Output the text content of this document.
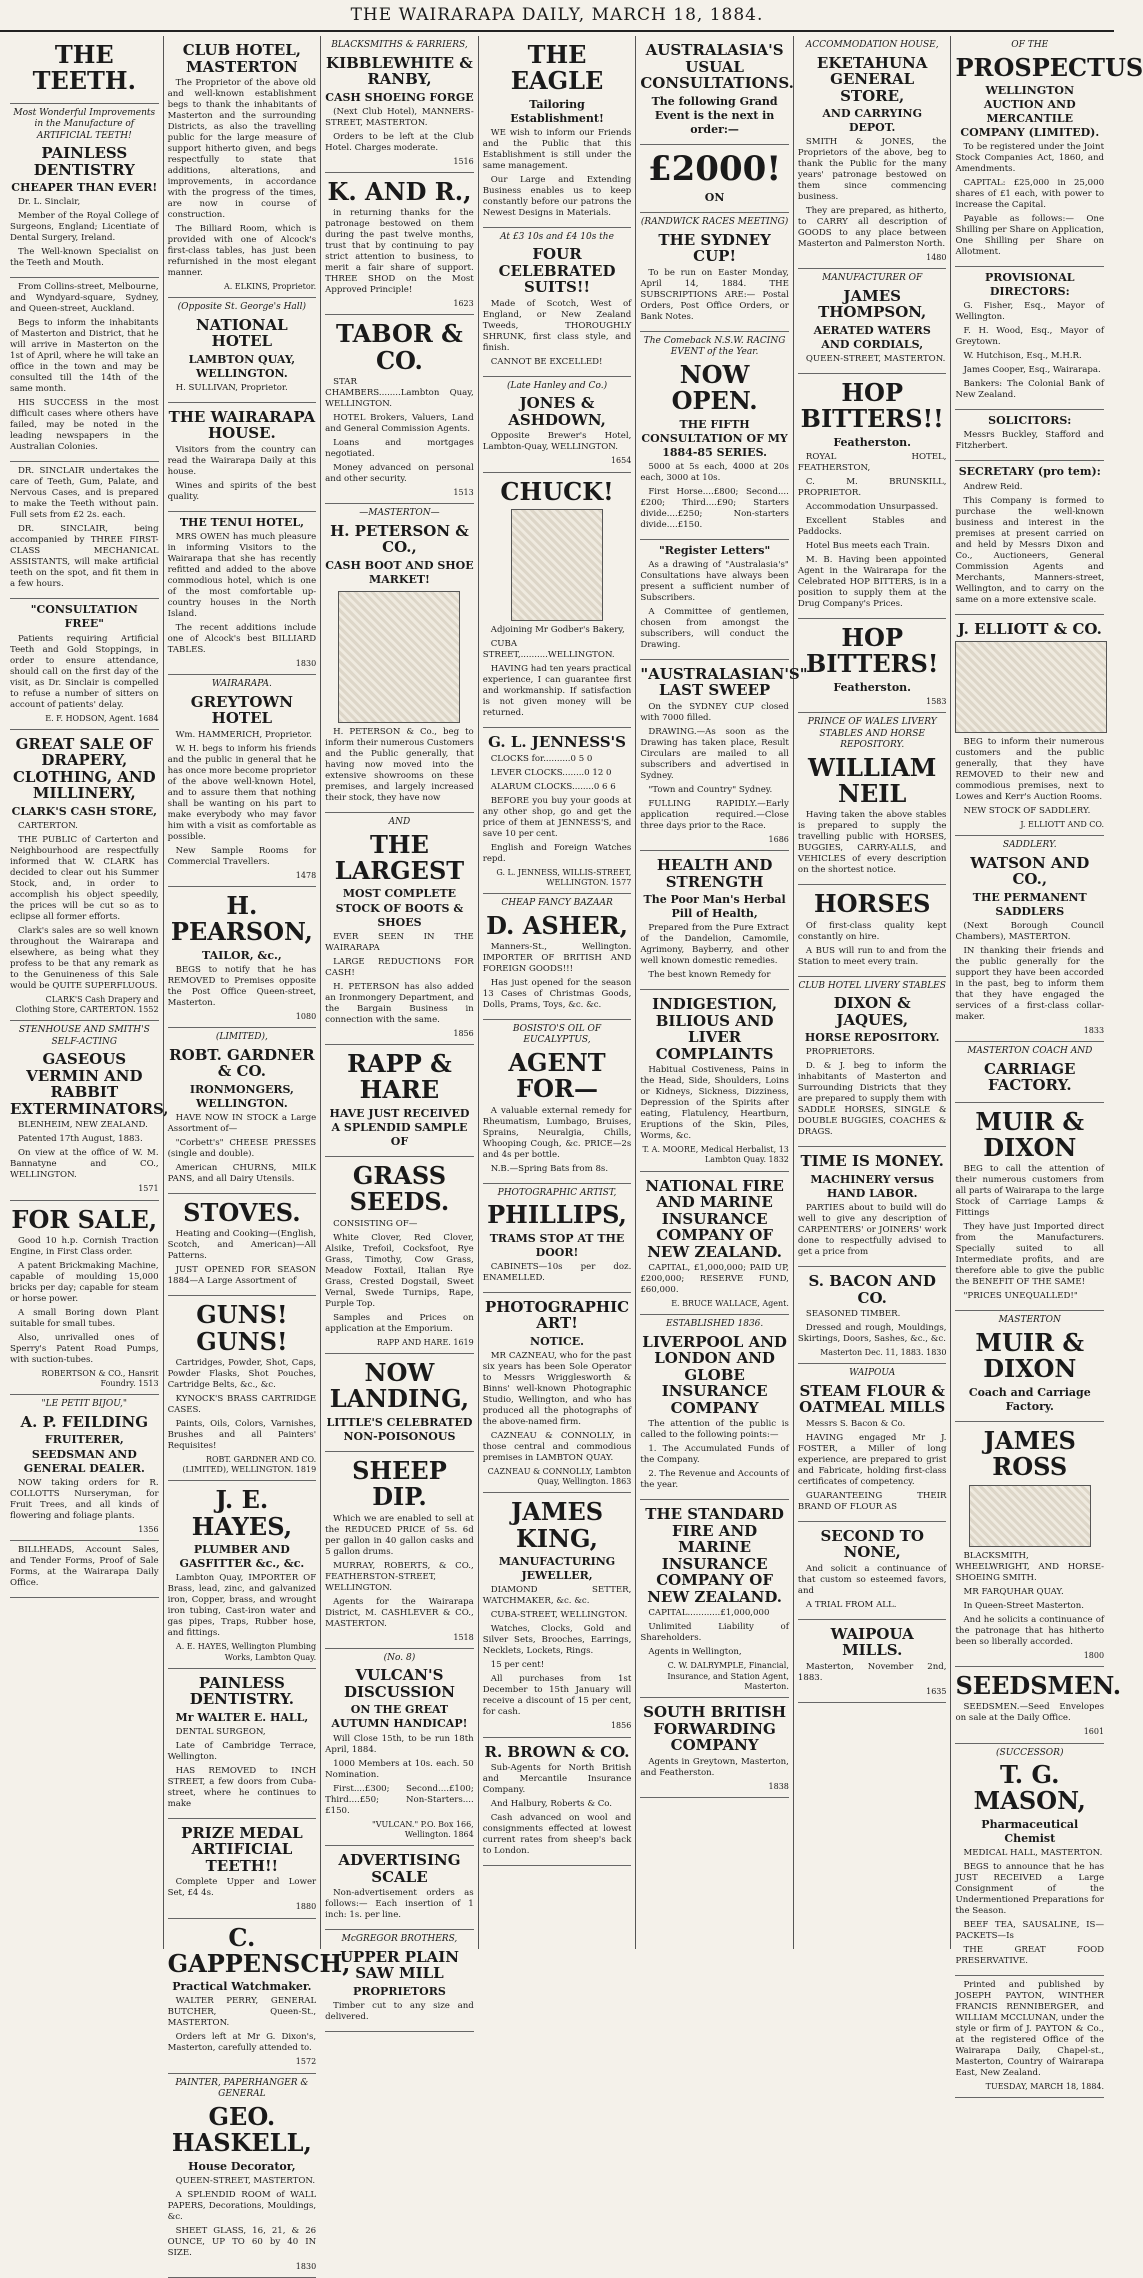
THE WAIRARAPA DAILY, MARCH 18, 1884.
THE TEETH.
Most Wonderful Improvements in the Manufacture of ARTIFICIAL TEETH!
PAINLESS DENTISTRY
CHEAPER THAN EVER!

Dr. L. Sinclair,

Member of the Royal College of Surgeons, England; Licentiate of Dental Surgery, Ireland.

The Well-known Specialist on the Teeth and Mouth.

From Collins-street, Melbourne, and Wyndyard-square, Sydney, and Queen-street, Auckland.

Begs to inform the inhabitants of Masterton and District, that he will arrive in Masterton on the 1st of April, where he will take an office in the town and may be consulted till the 14th of the same month.

HIS SUCCESS in the most difficult cases where others have failed, may be noted in the leading newspapers in the Australian Colonies.

DR. SINCLAIR undertakes the care of Teeth, Gum, Palate, and Nervous Cases, and is prepared to make the Teeth without pain. Full sets from £2 2s. each.

DR. SINCLAIR, being accompanied by THREE FIRST-CLASS MECHANICAL ASSISTANTS, will make artificial teeth on the spot, and fit them in a few hours.

"CONSULTATION FREE"

Patients requiring Artificial Teeth and Gold Stoppings, in order to ensure attendance, should call on the first day of the visit, as Dr. Sinclair is compelled to refuse a number of sitters on account of patients' delay.

E. F. HODSON, Agent. 1684
GREAT SALE OF DRAPERY, CLOTHING, AND MILLINERY,
CLARK'S CASH STORE,

CARTERTON.

THE PUBLIC of Carterton and Neighbourhood are respectfully informed that W. CLARK has decided to clear out his Summer Stock, and, in order to accomplish his object speedily, the prices will be cut so as to eclipse all former efforts.

Clark's sales are so well known throughout the Wairarapa and elsewhere, as being what they profess to be that any remark as to the Genuineness of this Sale would be QUITE SUPERFLUOUS.

CLARK'S Cash Drapery and Clothing Store, CARTERTON. 1552
STENHOUSE AND SMITH'S SELF-ACTING
GASEOUS VERMIN AND RABBIT EXTERMINATORS,

BLENHEIM, NEW ZEALAND.

Patented 17th August, 1883.

On view at the office of W. M. Bannatyne and CO., WELLINGTON.

1571
FOR SALE,

Good 10 h.p. Cornish Traction Engine, in First Class order.

A patent Brickmaking Machine, capable of moulding 15,000 bricks per day; capable for steam or horse power.

A small Boring down Plant suitable for small tubes.

Also, unrivalled ones of Sperry's Patent Road Pumps, with suction-tubes.

ROBERTSON & CO., Hansrit Foundry. 1513
"LE PETIT BIJOU,"
A. P. FEILDING
FRUITERER, SEEDSMAN AND GENERAL DEALER.

NOW taking orders for R. COLLOTTS Nurseryman, for Fruit Trees, and all kinds of flowering and foliage plants.

1356

BILLHEADS, Account Sales, and Tender Forms, Proof of Sale Forms, at the Wairarapa Daily Office.

CLUB HOTEL, MASTERTON

The Proprietor of the above old and well-known establishment begs to thank the inhabitants of Masterton and the surrounding Districts, as also the travelling public for the large measure of support hitherto given, and begs respectfully to state that additions, alterations, and improvements, in accordance with the progress of the times, are now in course of construction.

The Billiard Room, which is provided with one of Alcock's first-class tables, has just been refurnished in the most elegant manner.

A. ELKINS, Proprietor.
(Opposite St. George's Hall)
NATIONAL HOTEL
LAMBTON QUAY, WELLINGTON.

H. SULLIVAN, Proprietor.

THE WAIRARAPA HOUSE.

Visitors from the country can read the Wairarapa Daily at this house.

Wines and spirits of the best quality.

THE TENUI HOTEL,

MRS OWEN has much pleasure in informing Visitors to the Wairarapa that she has recently refitted and added to the above commodious hotel, which is one of the most comfortable up-country houses in the North Island.

The recent additions include one of Alcock's best BILLIARD TABLES.

1830
WAIRARAPA.
GREYTOWN HOTEL

Wm. HAMMERICH, Proprietor.

W. H. begs to inform his friends and the public in general that he has once more become proprietor of the above well-known Hotel, and to assure them that nothing shall be wanting on his part to make everybody who may favor him with a visit as comfortable as possible.

New Sample Rooms for Commercial Travellers.

1478
H. PEARSON,
TAILOR, &c.,

BEGS to notify that he has REMOVED to Premises opposite the Post Office Queen-street, Masterton.

1080
(LIMITED),
ROBT. GARDNER & CO.
IRONMONGERS, WELLINGTON.

HAVE NOW IN STOCK a Large Assortment of—

"Corbett's" CHEESE PRESSES (single and double).

American CHURNS, MILK PANS, and all Dairy Utensils.

STOVES.

Heating and Cooking—(English, Scotch, and American)—All Patterns.

JUST OPENED FOR SEASON 1884—A Large Assortment of

GUNS! GUNS!

Cartridges, Powder, Shot, Caps, Powder Flasks, Shot Pouches, Cartridge Belts, &c., &c.

KYNOCK'S BRASS CARTRIDGE CASES.

Paints, Oils, Colors, Varnishes, Brushes and all Painters' Requisites!

ROBT. GARDNER AND CO. (LIMITED), WELLINGTON. 1819
J. E. HAYES,
PLUMBER AND GASFITTER &c., &c.

Lambton Quay, IMPORTER OF Brass, lead, zinc, and galvanized iron, Copper, brass, and wrought iron tubing, Cast-iron water and gas pipes, Traps, Rubber hose, and fittings.

A. E. HAYES, Wellington Plumbing Works, Lambton Quay.
PAINLESS DENTISTRY.
Mr WALTER E. HALL,

DENTAL SURGEON,

Late of Cambridge Terrace, Wellington.

HAS REMOVED to INCH STREET, a few doors from Cuba-street, where he continues to make

PRIZE MEDAL ARTIFICIAL TEETH!!

Complete Upper and Lower Set, £4 4s.

1880
C. GAPPENSCH,
Practical Watchmaker.

WALTER PERRY, GENERAL BUTCHER, Queen-St., MASTERTON.

Orders left at Mr G. Dixon's, Masterton, carefully attended to.

1572
PAINTER, PAPERHANGER & GENERAL
GEO. HASKELL,
House Decorator,

QUEEN-STREET, MASTERTON.

A SPLENDID ROOM of WALL PAPERS, Decorations, Mouldings, &c.

SHEET GLASS, 16, 21, & 26 OUNCE, UP TO 60 by 40 IN SIZE.

1830
BLACKSMITHS & FARRIERS,
KIBBLEWHITE & RANBY,
CASH SHOEING FORGE

(Next Club Hotel), MANNERS-STREET, MASTERTON.

Orders to be left at the Club Hotel. Charges moderate.

1516
K. AND R.,

in returning thanks for the patronage bestowed on them during the past twelve months, trust that by continuing to pay strict attention to business, to merit a fair share of support. THREE SHOD on the Most Approved Principle!

1623
TABOR & CO.

STAR CHAMBERS........Lambton Quay, WELLINGTON.

HOTEL Brokers, Valuers, Land and General Commission Agents.

Loans and mortgages negotiated.

Money advanced on personal and other security.

1513
—MASTERTON—
H. PETERSON & CO.,
CASH BOOT AND SHOE MARKET!

H. PETERSON & Co., beg to inform their numerous Customers and the Public generally, that having now moved into the extensive showrooms on these premises, and largely increased their stock, they have now

AND
THE LARGEST
MOST COMPLETE STOCK OF BOOTS & SHOES

EVER SEEN IN THE WAIRARAPA

LARGE REDUCTIONS FOR CASH!

H. PETERSON has also added an Ironmongery Department, and the Bargain Business in connection with the same.

1856
RAPP & HARE
HAVE JUST RECEIVED A SPLENDID SAMPLE OF
GRASS SEEDS.

CONSISTING OF—

White Clover, Red Clover, Alsike, Trefoil, Cocksfoot, Rye Grass, Timothy, Cow Grass, Meadow Foxtail, Italian Rye Grass, Crested Dogstail, Sweet Vernal, Swede Turnips, Rape, Purple Top.

Samples and Prices on application at the Emporium.

RAPP AND HARE. 1619
NOW LANDING,
LITTLE'S CELEBRATED NON-POISONOUS
SHEEP DIP.

Which we are enabled to sell at the REDUCED PRICE of 5s. 6d per gallon in 40 gallon casks and 5 gallon drums.

MURRAY, ROBERTS, & CO., FEATHERSTON-STREET, WELLINGTON.

Agents for the Wairarapa District, M. CASHLEVER & CO., MASTERTON.

1518
(No. 8)
VULCAN'S DISCUSSION
ON THE GREAT AUTUMN HANDICAP!

Will Close 15th, to be run 18th April, 1884.

1000 Members at 10s. each. 50 Nomination.

First....£300; Second....£100; Third....£50; Non-Starters....£150.

"VULCAN." P.O. Box 166, Wellington. 1864
ADVERTISING SCALE

Non-advertisement orders as follows:— Each insertion of 1 inch: 1s. per line.

McGREGOR BROTHERS,
UPPER PLAIN SAW MILL
PROPRIETORS

Timber cut to any size and delivered.

THE EAGLE
Tailoring Establishment!

WE wish to inform our Friends and the Public that this Establishment is still under the same management.

Our Large and Extending Business enables us to keep constantly before our patrons the Newest Designs in Materials.

At £3 10s and £4 10s the
FOUR CELEBRATED SUITS!!

Made of Scotch, West of England, or New Zealand Tweeds, THOROUGHLY SHRUNK, first class style, and finish.

CANNOT BE EXCELLED!

(Late Hanley and Co.)
JONES & ASHDOWN,

Opposite Brewer's Hotel, Lambton-Quay, WELLINGTON.

1654
CHUCK!

Adjoining Mr Godber's Bakery,

CUBA STREET,..........WELLINGTON.

HAVING had ten years practical experience, I can guarantee first and workmanship. If satisfaction is not given money will be returned.

G. L. JENNESS'S

CLOCKS for..........0 5 0

LEVER CLOCKS........0 12 0

ALARUM CLOCKS........0 6 6

BEFORE you buy your goods at any other shop, go and get the price of them at JENNESS'S, and save 10 per cent.

English and Foreign Watches repd.

G. L. JENNESS, WILLIS-STREET, WELLINGTON. 1577
CHEAP FANCY BAZAAR
D. ASHER,

Manners-St., Wellington. IMPORTER OF BRITISH AND FOREIGN GOODS!!!

Has just opened for the season 13 Cases of Christmas Goods, Dolls, Prams, Toys, &c. &c.

BOSISTO'S OIL OF EUCALYPTUS,
AGENT FOR—

A valuable external remedy for Rheumatism, Lumbago, Bruises, Sprains, Neuralgia, Chills, Whooping Cough, &c. PRICE—2s and 4s per bottle.

N.B.—Spring Bats from 8s.

PHOTOGRAPHIC ARTIST,
PHILLIPS,
TRAMS STOP AT THE DOOR!

CABINETS—10s per doz. ENAMELLED.

PHOTOGRAPHIC ART!
NOTICE.

MR CAZNEAU, who for the past six years has been Sole Operator to Messrs Wrigglesworth & Binns' well-known Photographic Studio, Wellington, and who has produced all the photographs of the above-named firm.

CAZNEAU & CONNOLLY, in those central and commodious premises in LAMBTON QUAY.

CAZNEAU & CONNOLLY, Lambton Quay, Wellington. 1863
JAMES KING,
MANUFACTURING JEWELLER,

DIAMOND SETTER, WATCHMAKER, &c. &c.

CUBA-STREET, WELLINGTON.

Watches, Clocks, Gold and Silver Sets, Brooches, Earrings, Necklets, Lockets, Rings.

15 per cent!

All purchases from 1st December to 15th January will receive a discount of 15 per cent, for cash.

1856
R. BROWN & CO.

Sub-Agents for North British and Mercantile Insurance Company.

And Halbury, Roberts & Co.

Cash advanced on wool and consignments effected at lowest current rates from sheep's back to London.

AUSTRALASIA'S USUAL CONSULTATIONS.
The following Grand Event is the next in order:—
£2000!
ON
(RANDWICK RACES MEETING)
THE SYDNEY CUP!

To be run on Easter Monday, April 14, 1884. THE SUBSCRIPTIONS ARE:— Postal Orders, Post Office Orders, or Bank Notes.

The Comeback N.S.W. RACING EVENT of the Year.
NOW OPEN.
THE FIFTH CONSULTATION OF MY 1884-85 SERIES.

5000 at 5s each, 4000 at 20s each, 3000 at 10s.

First Horse....£800; Second....£200; Third....£90; Starters divide....£250; Non-starters divide....£150.

"Register Letters"

As a drawing of "Australasia's" Consultations have always been present a sufficient number of Subscribers.

A Committee of gentlemen, chosen from amongst the subscribers, will conduct the Drawing.

"AUSTRALASIAN'S" LAST SWEEP

On the SYDNEY CUP closed with 7000 filled.

DRAWING.—As soon as the Drawing has taken place, Result Circulars are mailed to all subscribers and advertised in Sydney.

"Town and Country" Sydney.

FULLING RAPIDLY.—Early application required.—Close three days prior to the Race.

1686
HEALTH AND STRENGTH
The Poor Man's Herbal Pill of Health,

Prepared from the Pure Extract of the Dandelion, Camomile, Agrimony, Bayberry, and other well known domestic remedies.

The best known Remedy for

INDIGESTION, BILIOUS AND LIVER COMPLAINTS

Habitual Costiveness, Pains in the Head, Side, Shoulders, Loins or Kidneys, Sickness, Dizziness, Depression of the Spirits after eating, Flatulency, Heartburn, Eruptions of the Skin, Piles, Worms, &c.

T. A. MOORE, Medical Herbalist, 13 Lambton Quay. 1832
NATIONAL FIRE AND MARINE INSURANCE COMPANY OF NEW ZEALAND.

CAPITAL, £1,000,000; PAID UP, £200,000; RESERVE FUND, £60,000.

E. BRUCE WALLACE, Agent.
ESTABLISHED 1836.
LIVERPOOL AND LONDON AND GLOBE INSURANCE COMPANY

The attention of the public is called to the following points:—

1. The Accumulated Funds of the Company.

2. The Revenue and Accounts of the year.

THE STANDARD FIRE AND MARINE INSURANCE COMPANY OF NEW ZEALAND.

CAPITAL............£1,000,000

Unlimited Liability of Shareholders.

Agents in Wellington,

C. W. DALRYMPLE, Financial, Insurance, and Station Agent, Masterton.
SOUTH BRITISH FORWARDING COMPANY

Agents in Greytown, Masterton, and Featherston.

1838
ACCOMMODATION HOUSE,
EKETAHUNA GENERAL STORE,
AND CARRYING DEPOT.

SMITH & JONES, the Proprietors of the above, beg to thank the Public for the many years' patronage bestowed on them since commencing business.

They are prepared, as hitherto, to CARRY all description of GOODS to any place between Masterton and Palmerston North.

1480
MANUFACTURER OF
JAMES THOMPSON,
AERATED WATERS AND CORDIALS,

QUEEN-STREET, MASTERTON.

HOP BITTERS!!
Featherston.

ROYAL HOTEL, FEATHERSTON,

C. M. BRUNSKILL, PROPRIETOR.

Accommodation Unsurpassed.

Excellent Stables and Paddocks.

Hotel Bus meets each Train.

M. B. Having been appointed Agent in the Wairarapa for the Celebrated HOP BITTERS, is in a position to supply them at the Drug Company's Prices.

HOP BITTERS!
Featherston.
1583
PRINCE OF WALES LIVERY STABLES AND HORSE REPOSITORY.
WILLIAM NEIL

Having taken the above stables is prepared to supply the travelling public with HORSES, BUGGIES, CARRY-ALLS, and VEHICLES of every description on the shortest notice.

HORSES

Of first-class quality kept constantly on hire.

A BUS will run to and from the Station to meet every train.

CLUB HOTEL LIVERY STABLES
DIXON & JAQUES,
HORSE REPOSITORY.

PROPRIETORS.

D. & J. beg to inform the inhabitants of Masterton and Surrounding Districts that they are prepared to supply them with SADDLE HORSES, SINGLE & DOUBLE BUGGIES, COACHES & DRAGS.

TIME IS MONEY.
MACHINERY versus HAND LABOR.

PARTIES about to build will do well to give any description of CARPENTERS' or JOINERS' work done to respectfully advised to get a price from

S. BACON AND CO.

SEASONED TIMBER.

Dressed and rough, Mouldings, Skirtings, Doors, Sashes, &c., &c.

Masterton Dec. 11, 1883. 1830
WAIPOUA
STEAM FLOUR & OATMEAL MILLS

Messrs S. Bacon & Co.

HAVING engaged Mr J. FOSTER, a Miller of long experience, are prepared to grist and Fabricate, holding first-class certificates of competency.

GUARANTEEING THEIR BRAND OF FLOUR AS

SECOND TO NONE,

And solicit a continuance of that custom so esteemed favors, and

A TRIAL FROM ALL.

WAIPOUA MILLS.

Masterton, November 2nd, 1883.

1635
OF THE
PROSPECTUS
WELLINGTON AUCTION AND MERCANTILE COMPANY (LIMITED).

To be registered under the Joint Stock Companies Act, 1860, and Amendments.

CAPITAL: £25,000 in 25,000 shares of £1 each, with power to increase the Capital.

Payable as follows:— One Shilling per Share on Application, One Shilling per Share on Allotment.

PROVISIONAL DIRECTORS:

G. Fisher, Esq., Mayor of Wellington.

F. H. Wood, Esq., Mayor of Greytown.

W. Hutchison, Esq., M.H.R.

James Cooper, Esq., Wairarapa.

Bankers: The Colonial Bank of New Zealand.

SOLICITORS:

Messrs Buckley, Stafford and Fitzherbert.

SECRETARY (pro tem):

Andrew Reid.

This Company is formed to purchase the well-known business and interest in the premises at present carried on and held by Messrs Dixon and Co., Auctioneers, General Commission Agents and Merchants, Manners-street, Wellington, and to carry on the same on a more extensive scale.

J. ELLIOTT & CO.

BEG to inform their numerous customers and the public generally, that they have REMOVED to their new and commodious premises, next to Lowes and Kerr's Auction Rooms.

NEW STOCK OF SADDLERY.

J. ELLIOTT AND CO.
SADDLERY.
WATSON AND CO.,
THE PERMANENT SADDLERS

(Next Borough Council Chambers), MASTERTON.

IN thanking their friends and the public generally for the support they have been accorded in the past, beg to inform them that they have engaged the services of a first-class collar-maker.

1833
MASTERTON COACH AND
CARRIAGE FACTORY.
MUIR & DIXON

BEG to call the attention of their numerous customers from all parts of Wairarapa to the large Stock of Carriage Lamps & Fittings

They have just Imported direct from the Manufacturers. Specially suited to all Intermediate profits, and are therefore able to give the public the BENEFIT OF THE SAME!

"PRICES UNEQUALLED!"

MASTERTON
MUIR & DIXON
Coach and Carriage Factory.
JAMES ROSS

BLACKSMITH, WHEELWRIGHT, AND HORSE-SHOEING SMITH.

MR FARQUHAR QUAY.

In Queen-Street Masterton.

And he solicits a continuance of the patronage that has hitherto been so liberally accorded.

1800
SEEDSMEN.

SEEDSMEN.—Seed Envelopes on sale at the Daily Office.

1601
(SUCCESSOR)
T. G. MASON,
Pharmaceutical Chemist

MEDICAL HALL, MASTERTON.

BEGS to announce that he has JUST RECEIVED a Large Consignment of the Undermentioned Preparations for the Season.

BEEF TEA, SAUSALINE, IS—PACKETS—Is

THE GREAT FOOD PRESERVATIVE.

Printed and published by JOSEPH PAYTON, WINTHER FRANCIS RENNIBERGER, and WILLIAM MCCLUNAN, under the style or firm of J. PAYTON & Co., at the registered Office of the Wairarapa Daily, Chapel-st., Masterton, Country of Wairarapa East, New Zealand.

TUESDAY, MARCH 18, 1884.
